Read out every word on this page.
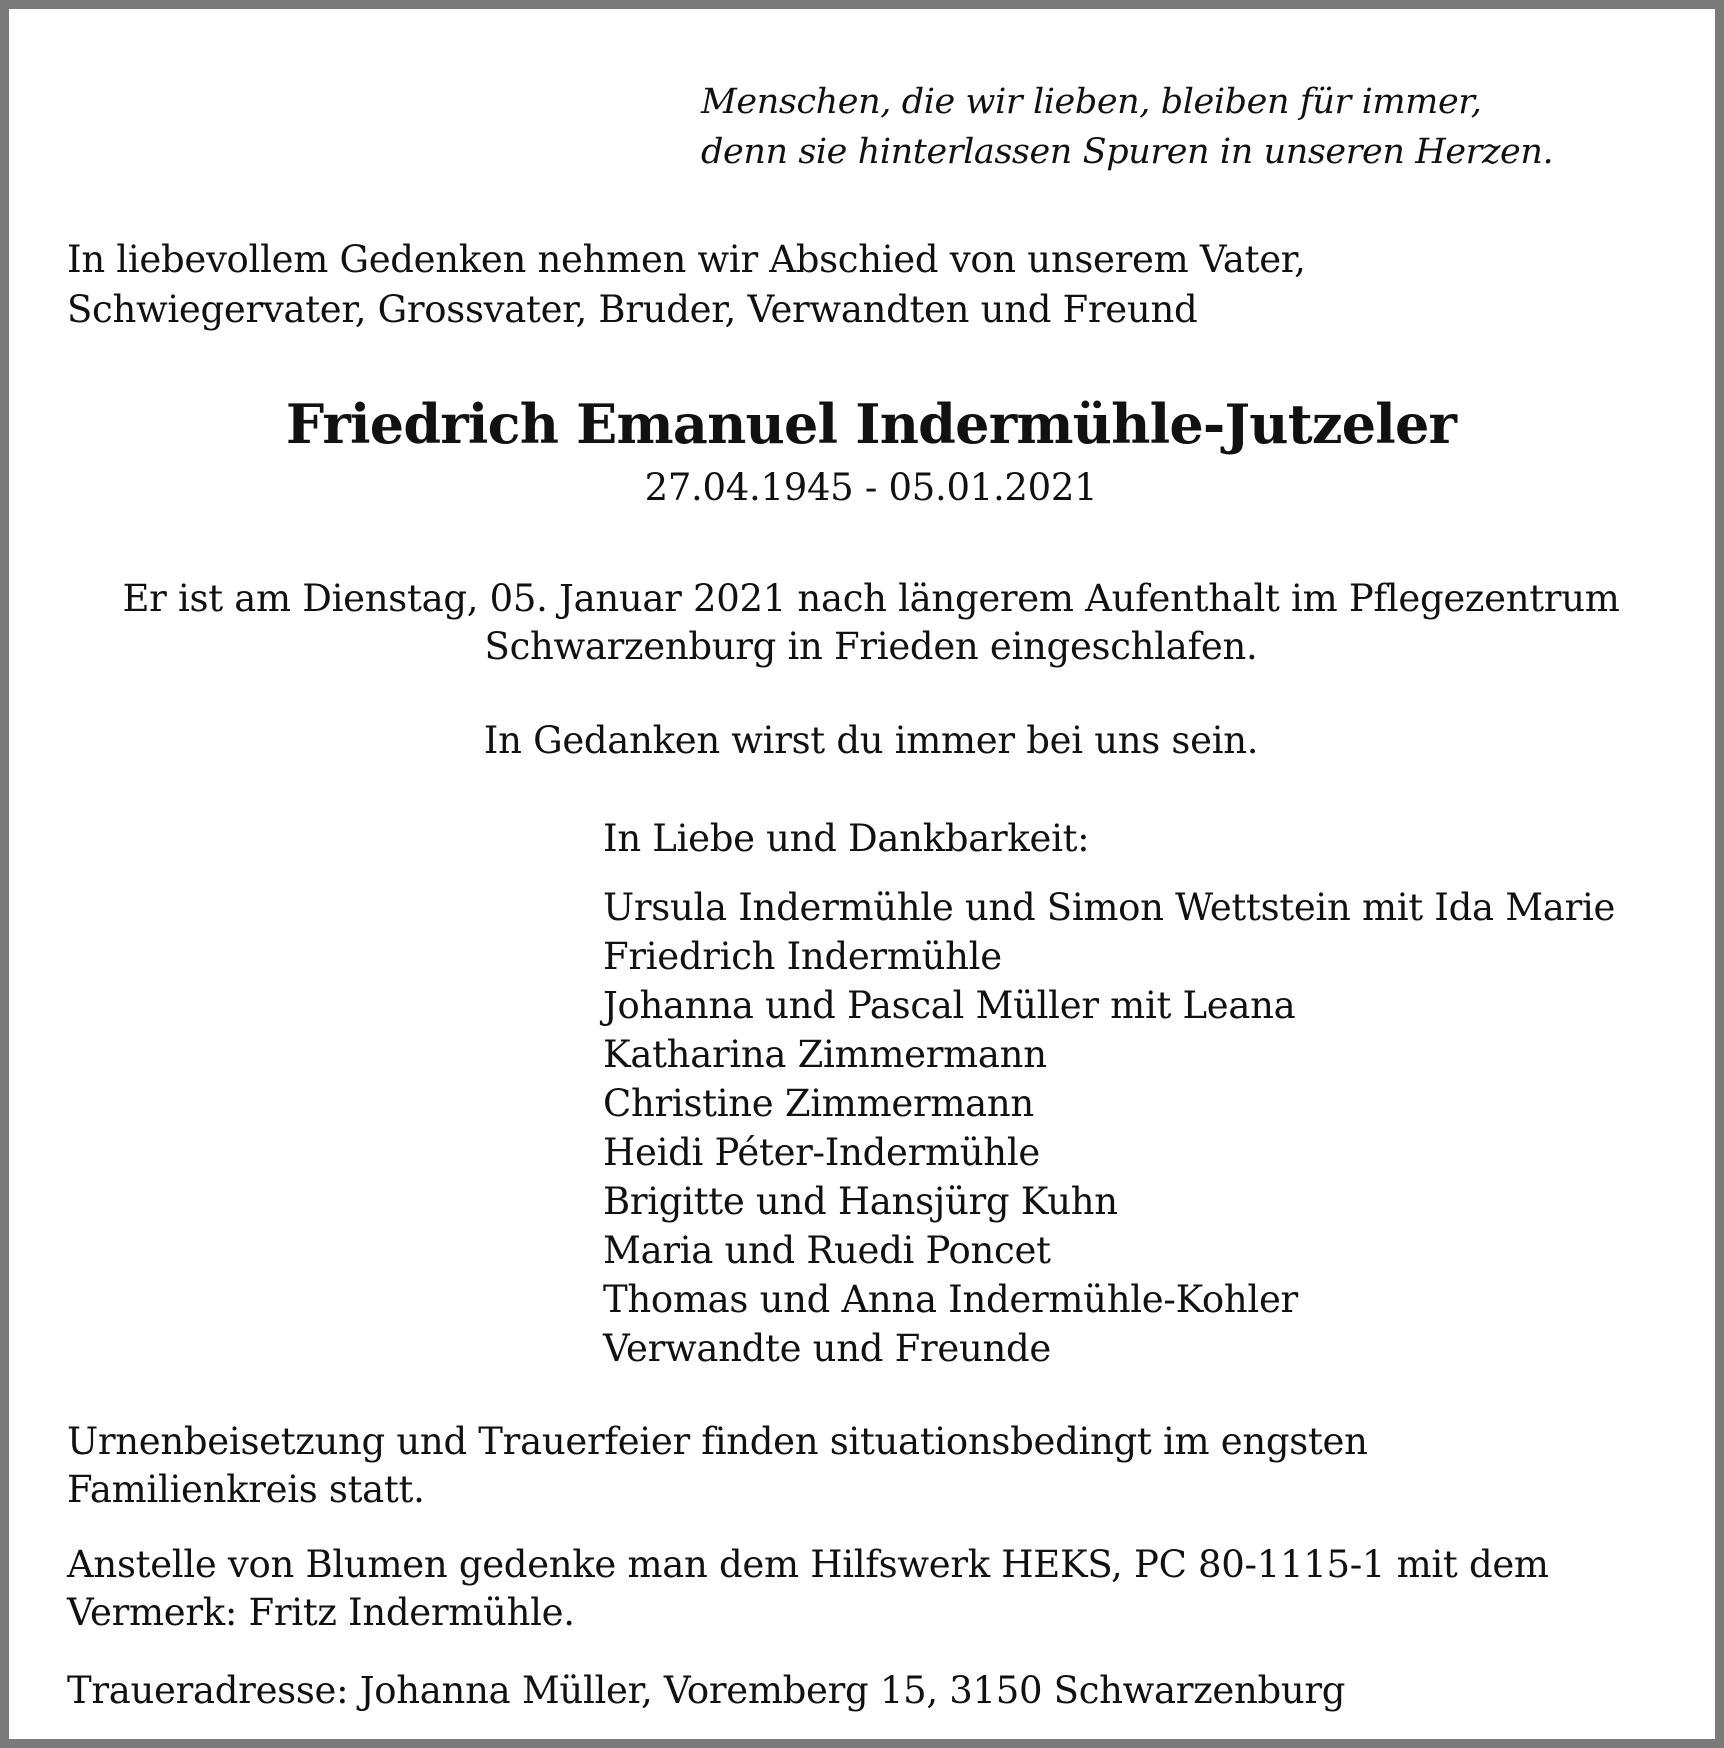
Menschen, die wir lieben, bleiben für immer,

denn sie hinterlassen Spuren in unseren Herzen.

In liebevollem Gedenken nehmen wir Abschied von unserem Vater,

Schwiegervater, Grossvater, Bruder, Verwandten und Freund

Friedrich Emanuel Indermühle-Jutzeler

27.04.1945 - 05.01.2021

Er ist am Dienstag, 05. Januar 2021 nach längerem Aufenthalt im Pflegezentrum

Schwarzenburg in Frieden eingeschlafen.

In Gedanken wirst du immer bei uns sein.

In Liebe und Dankbarkeit:

Ursula Indermühle und Simon Wettstein mit Ida Marie

Friedrich Indermühle

Johanna und Pascal Müller mit Leana

Katharina Zimmermann

Christine Zimmermann

Heidi Péter-Indermühle

Brigitte und Hansjürg Kuhn

Maria und Ruedi Poncet

Thomas und Anna Indermühle-Kohler

Verwandte und Freunde

Urnenbeisetzung und Trauerfeier finden situationsbedingt im engsten

Familienkreis statt.

Anstelle von Blumen gedenke man dem Hilfswerk HEKS, PC 80-1115-1 mit dem

Vermerk: Fritz Indermühle.

Traueradresse: Johanna Müller, Voremberg 15, 3150 Schwarzenburg
